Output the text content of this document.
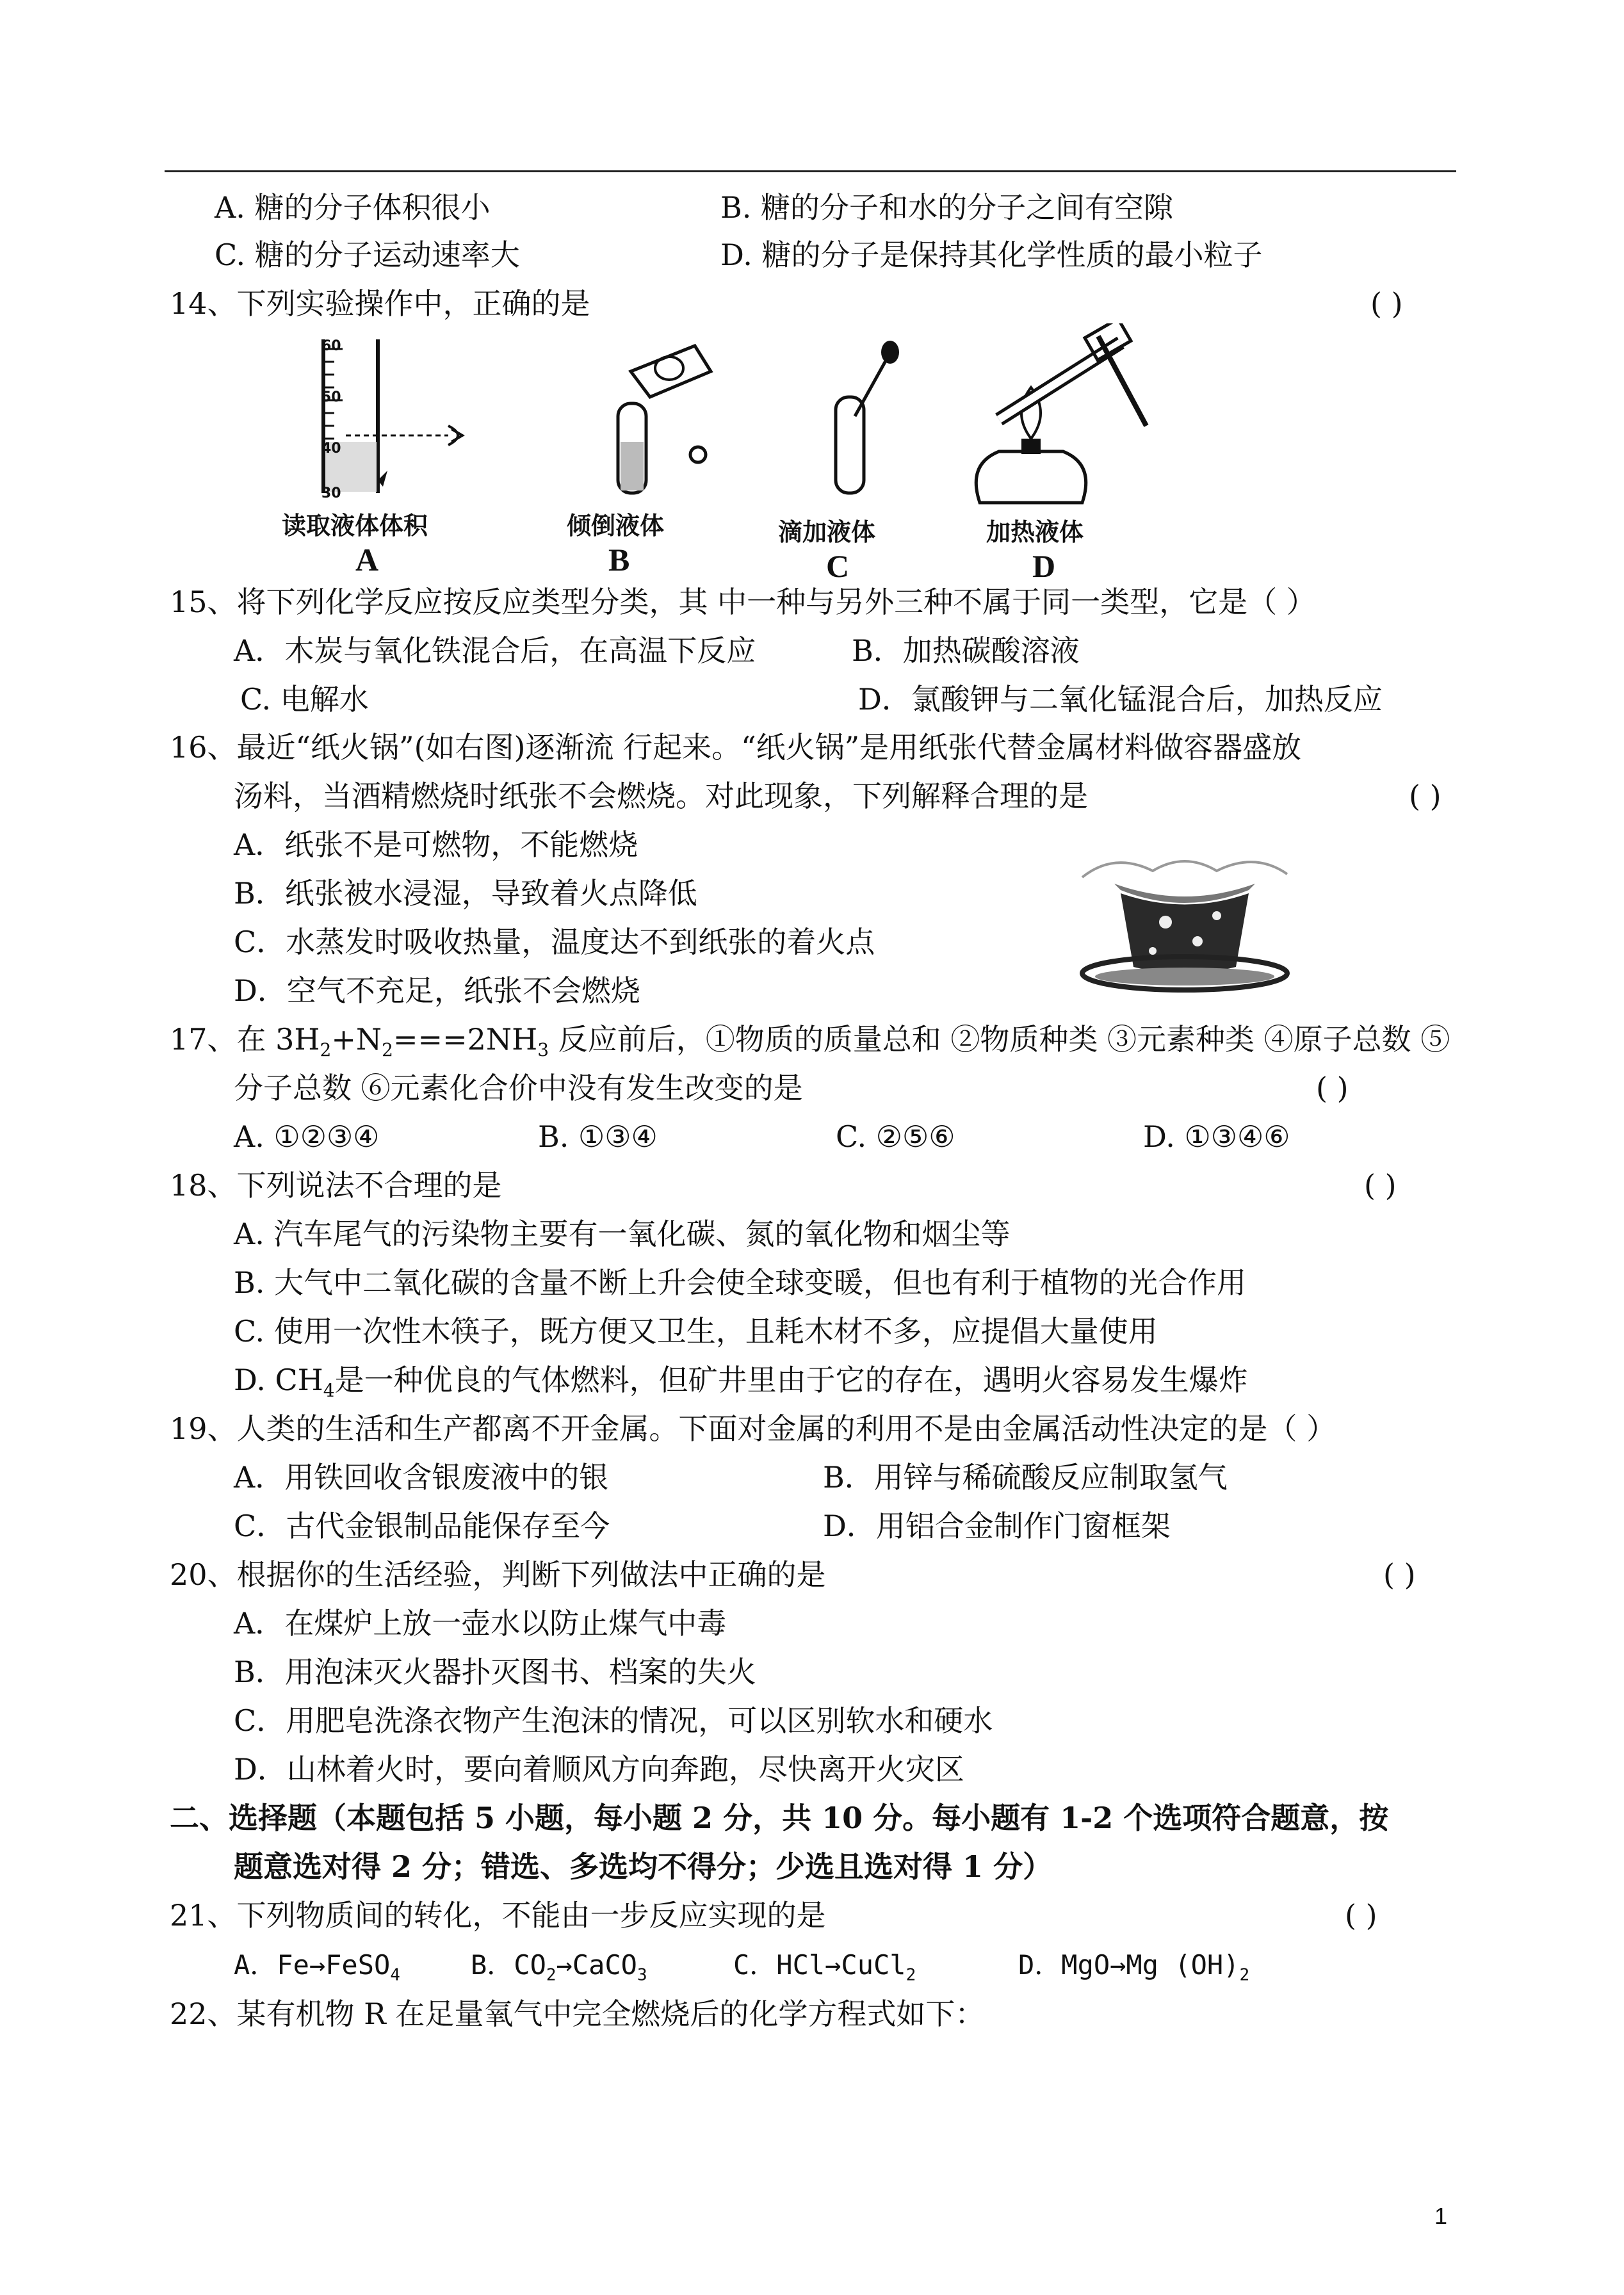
A. 糖的分子体积很小	B. 糖的分子和水的分子之间有空隙
C. 糖的分子运动速率大	D. 糖的分子是保持其化学性质的最小粒子
14、下列实验操作中，正确的是	( )
60
50
40
30
读取液体体积
A
倾倒液体
B
滴加液体
C
加热液体
D
15、将下列化学反应按反应类型分类，其 中一种与另外三种不属于同一类型，它是（ ）
A．木炭与氧化铁混合后，在高温下反应	B．加热碳酸溶液
C. 电解水	D．氯酸钾与二氧化锰混合后，加热反应
16、最近“纸火锅”(如右图)逐渐流 行起来。“纸火锅”是用纸张代替金属材料做容器盛放
汤料，当酒精燃烧时纸张不会燃烧。对此现象，下列解释合理的是	( )
A．纸张不是可燃物，不能燃烧
B．纸张被水浸湿，导致着火点降低
C．水蒸发时吸收热量，温度达不到纸张的着火点
D．空气不充足，纸张不会燃烧
17、在 $3H_2+N_2===2NH_3$ 反应前后，①物质的质量总和 ②物质种类 ③元素种类 ④原子总数 ⑤
分子总数 ⑥元素化合价中没有发生改变的是	( )
A. ①②③④	B. ①③④	C. ②⑤⑥	D. ①③④⑥
18、下列说法不合理的是	( )
A. 汽车尾气的污染物主要有一氧化碳、氮的氧化物和烟尘等
B. 大气中二氧化碳的含量不断上升会使全球变暖，但也有利于植物的光合作用
C. 使用一次性木筷子，既方便又卫生，且耗木材不多，应提倡大量使用
D. $CH_4$是一种优良的气体燃料，但矿井里由于它的存在，遇明火容易发生爆炸
19、人类的生活和生产都离不开金属。下面对金属的利用不是由金属活动性决定的是（ ）
A．用铁回收含银废液中的银	B．用锌与稀硫酸反应制取氢气
C．古代金银制品能保存至今	D．用铝合金制作门窗框架
20、根据你的生活经验，判断下列做法中正确的是	( )
A．在煤炉上放一壶水以防止煤气中毒
B．用泡沫灭火器扑灭图书、档案的失火
C．用肥皂洗涤衣物产生泡沫的情况，可以区别软水和硬水
D．山林着火时，要向着顺风方向奔跑，尽快离开火灾区
二、选择题（本题包括 5 小题，每小题 2 分，共 10 分。每小题有 1-2 个选项符合题意，按
题意选对得 2 分；错选、多选均不得分；少选且选对得 1 分）
21、下列物质间的转化，不能由一步反应实现的是	( )
A．Fe→FeSO$_4$	B．$CO_2\to CaCO_3$	C．HCl→CuCl$_2$	D．MgO→Mg $(OH)_2$
22、某有机物 R 在足量氧气中完全燃烧后的化学方程式如下：
1
